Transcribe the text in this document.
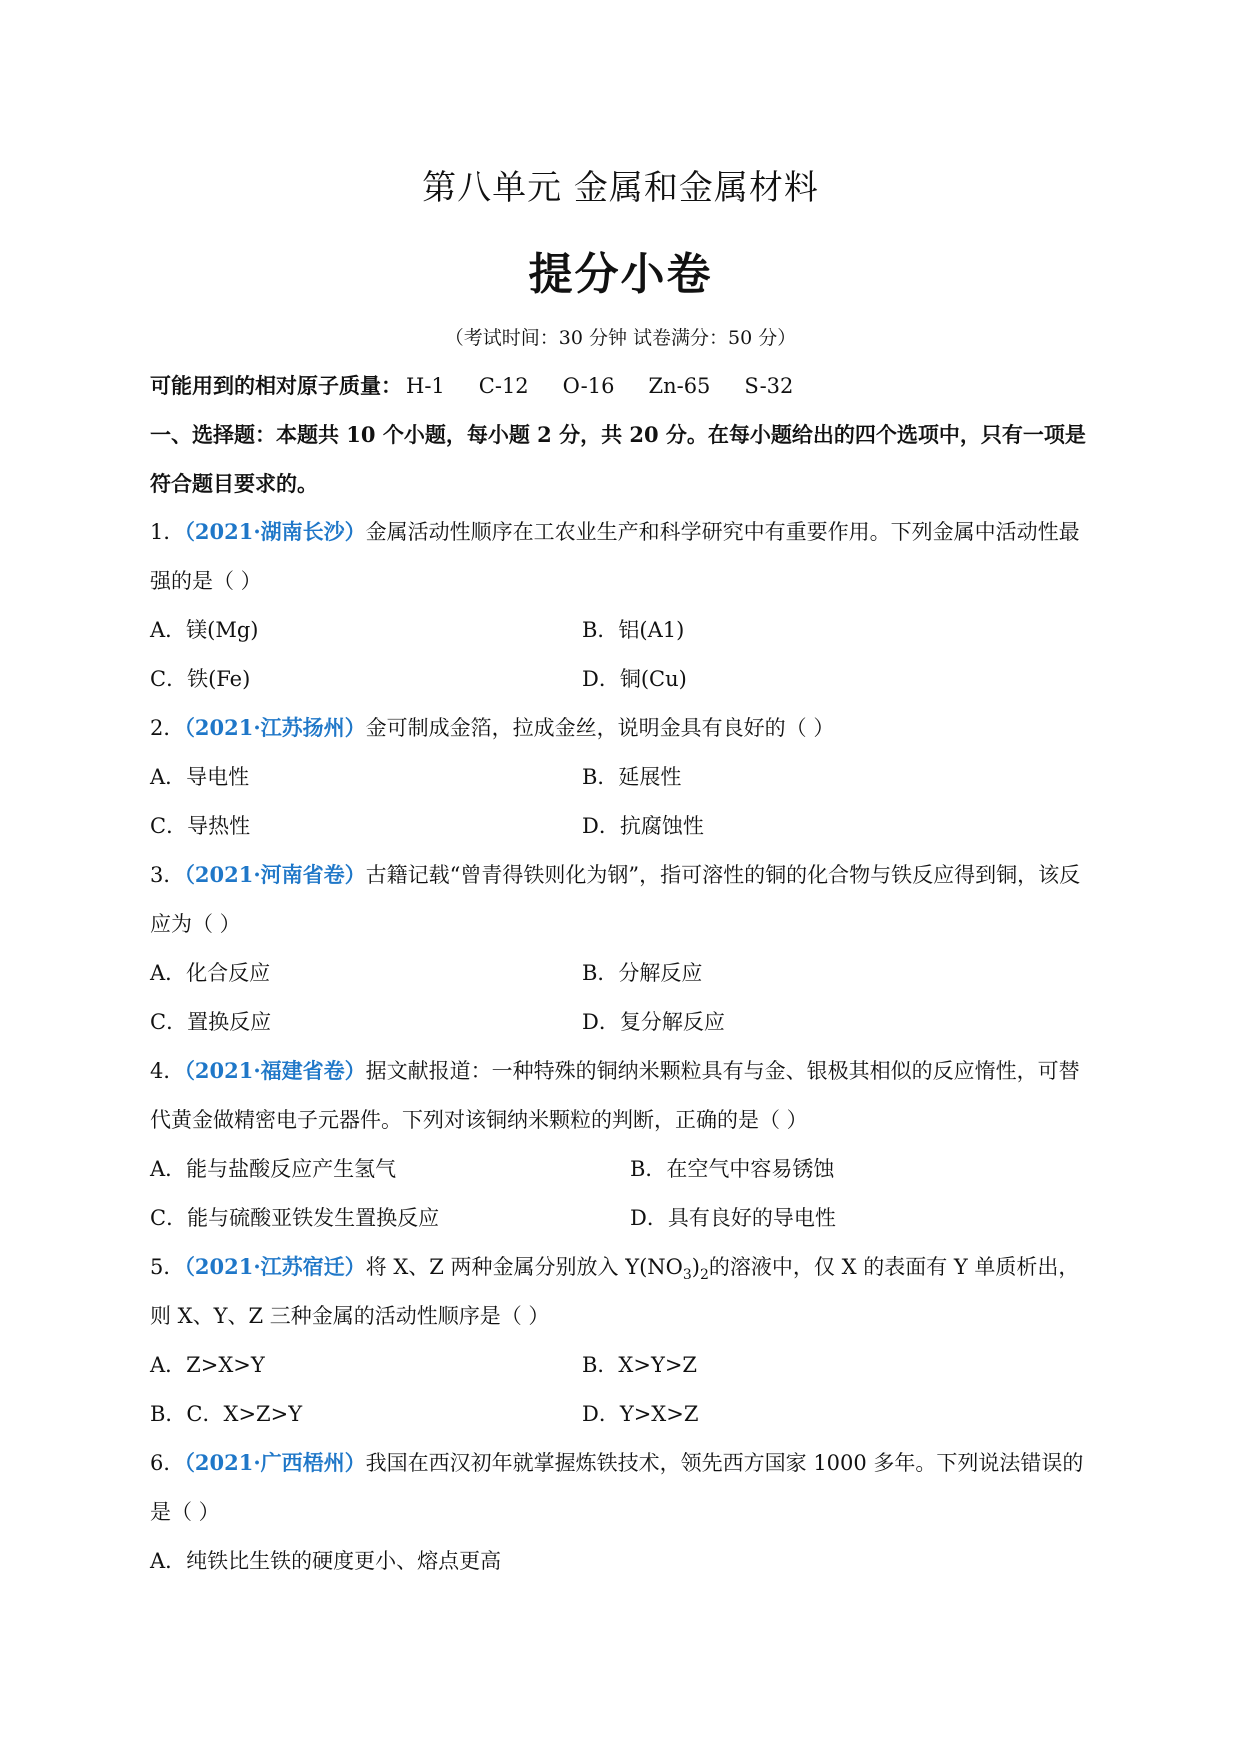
第八单元 金属和金属材料
提分小卷
（考试时间：30 分钟 试卷满分：50 分）
可能用到的相对原子质量： H-1 C-12 O-16 Zn-65 S-32
一、选择题：本题共 10 个小题，每小题 2 分，共 20 分。在每小题给出的四个选项中，只有一项是
符合题目要求的。
1．（2021·湖南长沙）金属活动性顺序在工农业生产和科学研究中有重要作用。下列金属中活动性最
强的是（ ）
A．镁(Mg)	B．铝(A1)
C．铁(Fe)	D．铜(Cu)
2．（2021·江苏扬州）金可制成金箔，拉成金丝，说明金具有良好的（ ）
A．导电性	B．延展性
C．导热性	D．抗腐蚀性
3．（2021·河南省卷）古籍记载“曾青得铁则化为钢”，指可溶性的铜的化合物与铁反应得到铜，该反
应为（ ）
A．化合反应	B．分解反应
C．置换反应	D．复分解反应
4．（2021·福建省卷）据文献报道：一种特殊的铜纳米颗粒具有与金、银极其相似的反应惰性，可替
代黄金做精密电子元器件。下列对该铜纳米颗粒的判断，正确的是（ ）
A．能与盐酸反应产生氢气	B．在空气中容易锈蚀
C．能与硫酸亚铁发生置换反应	D．具有良好的导电性
5．（2021·江苏宿迁）将 X、Z 两种金属分别放入 $Y(NO_3)_2$的溶液中，仅 X 的表面有 Y 单质析出，
则 X、Y、Z 三种金属的活动性顺序是（ ）
A．Z>X>Y	B．X>Y>Z
B．C．X>Z>Y	D．Y>X>Z
6．（2021·广西梧州）我国在西汉初年就掌握炼铁技术，领先西方国家 1000 多年。下列说法错误的
是（ ）
A．纯铁比生铁的硬度更小、熔点更高
